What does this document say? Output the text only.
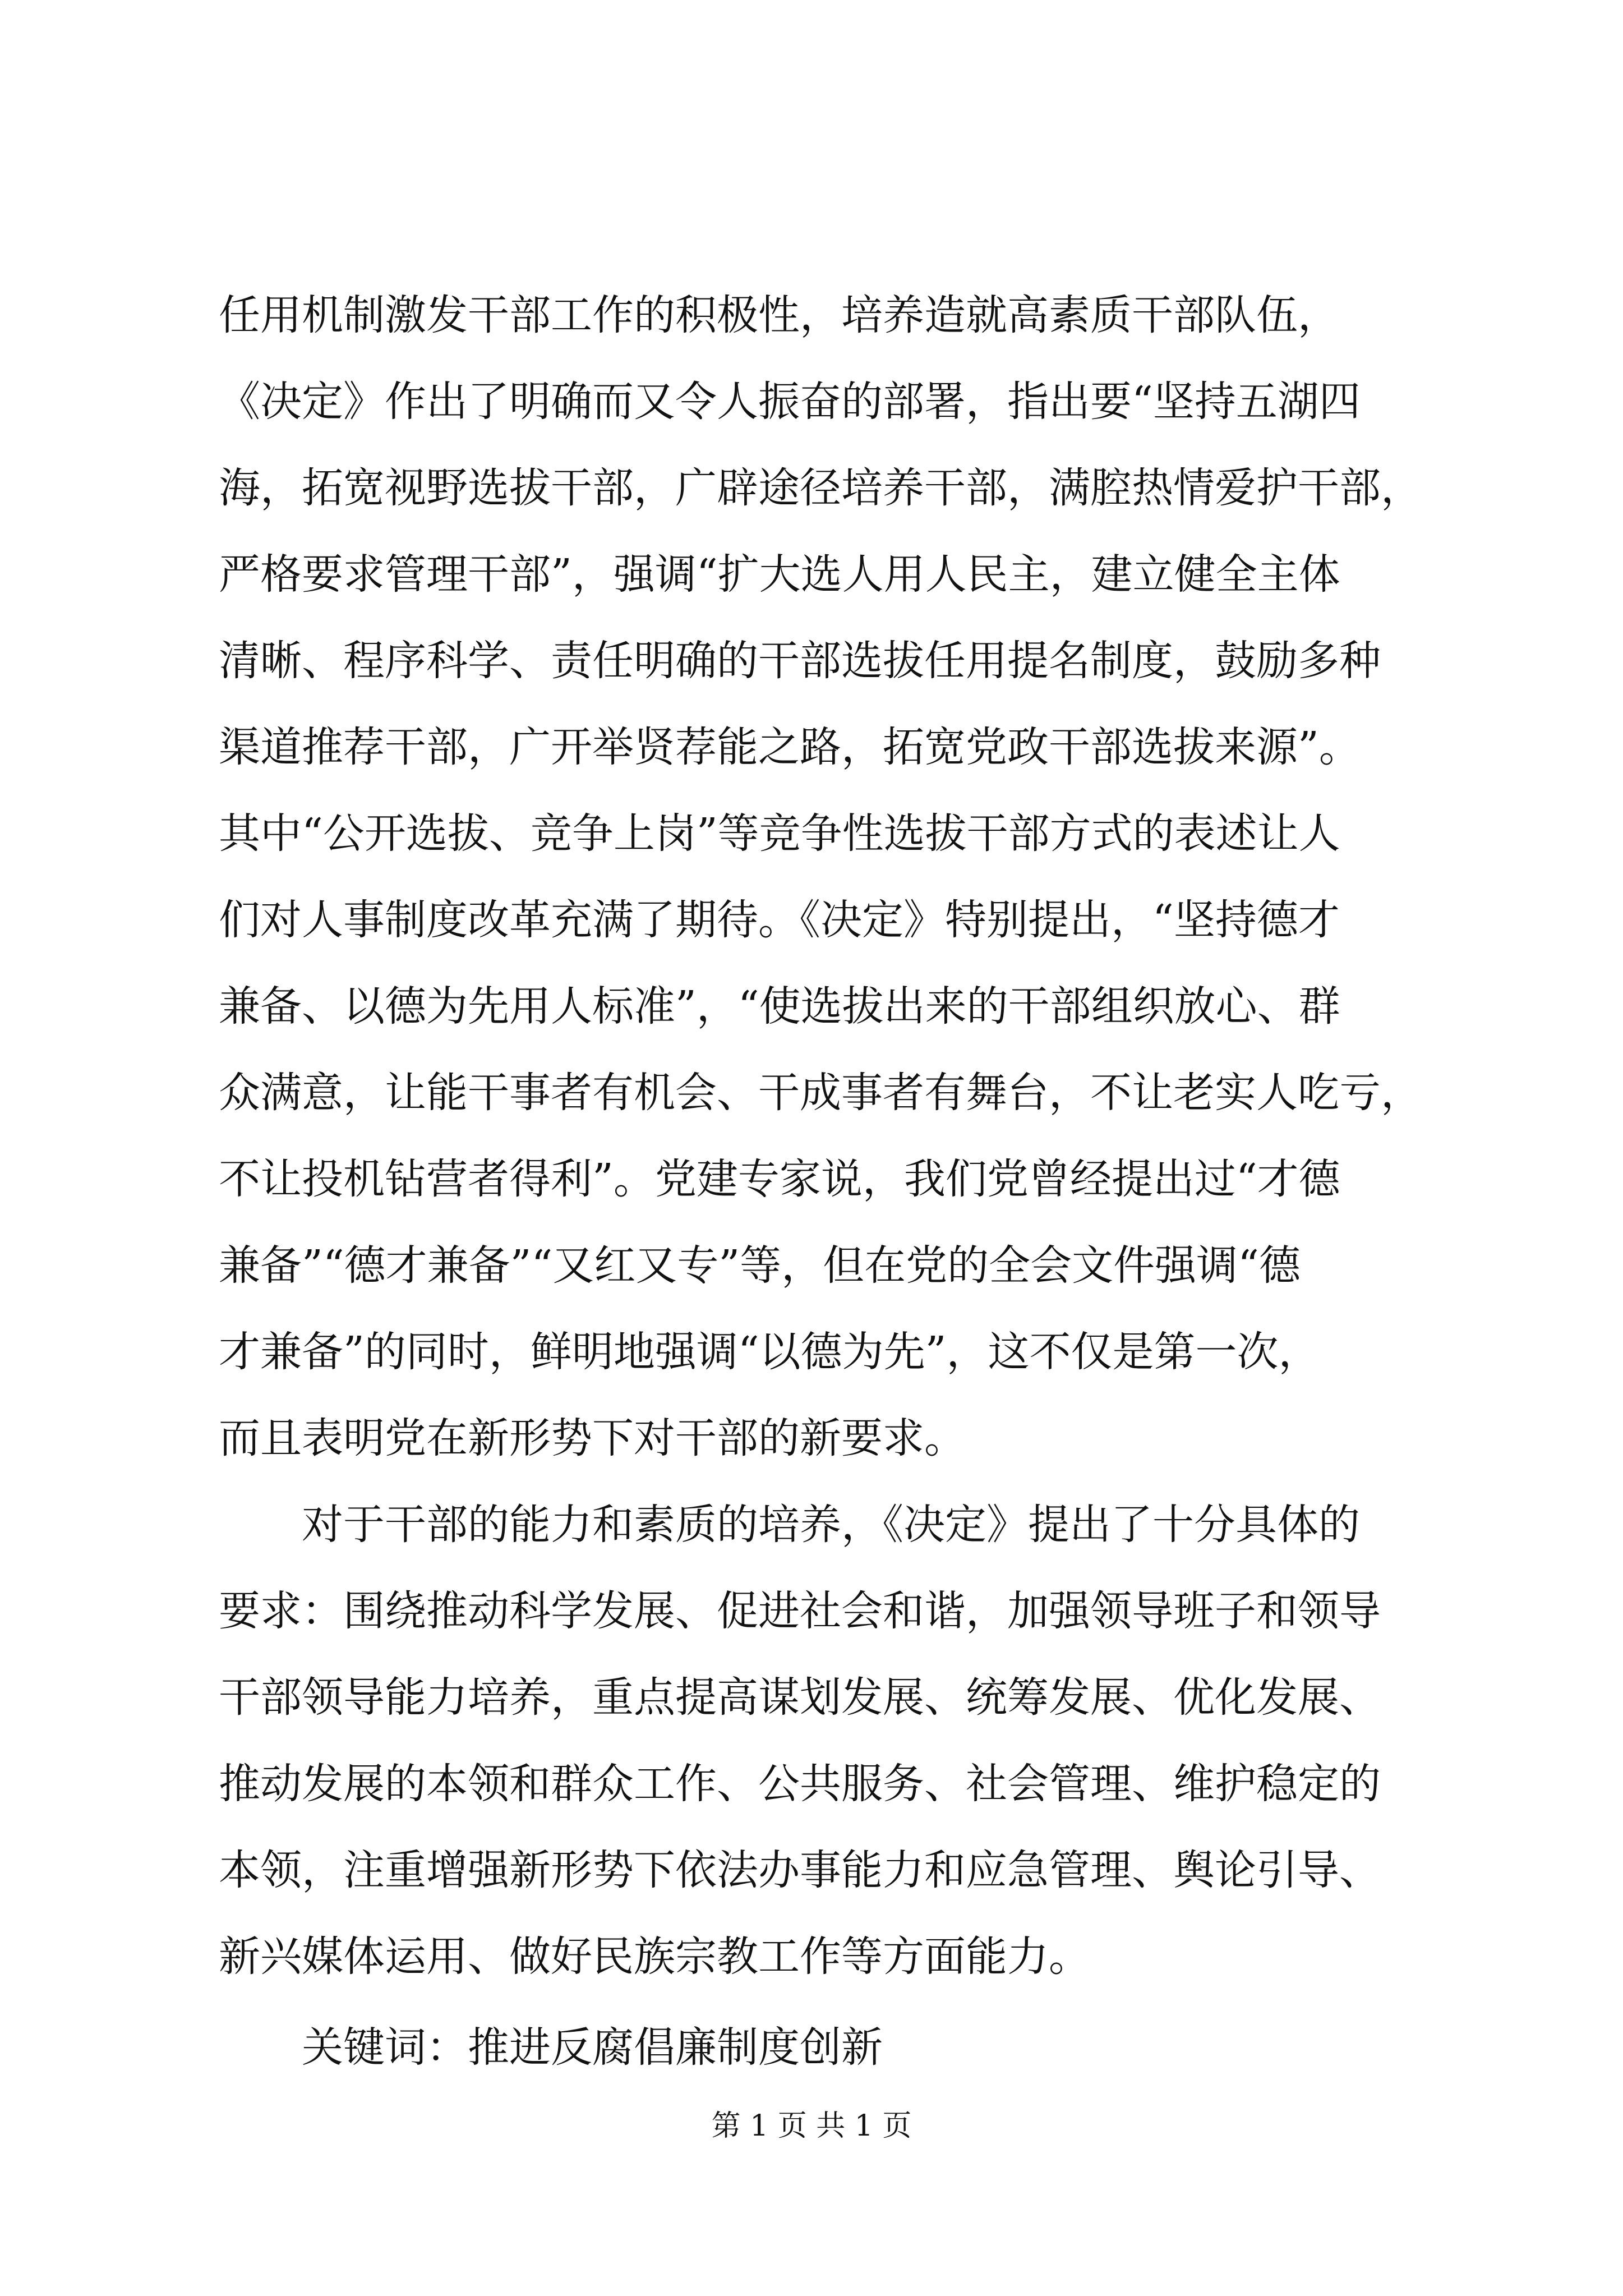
任用机制激发干部工作的积极性，培养造就高素质干部队伍，
《决定》作出了明确而又令人振奋的部署，指出要“坚持五湖四
海，拓宽视野选拔干部，广辟途径培养干部，满腔热情爱护干部，
严格要求管理干部”，强调“扩大选人用人民主，建立健全主体
清晰、程序科学、责任明确的干部选拔任用提名制度，鼓励多种
渠道推荐干部，广开举贤荐能之路，拓宽党政干部选拔来源”。
其中“公开选拔、竞争上岗”等竞争性选拔干部方式的表述让人
们对人事制度改革充满了期待。《决定》特别提出，“坚持德才
兼备、以德为先用人标准”，“使选拔出来的干部组织放心、群
众满意，让能干事者有机会、干成事者有舞台，不让老实人吃亏，
不让投机钻营者得利”。党建专家说，我们党曾经提出过“才德
兼备”“德才兼备”“又红又专”等，但在党的全会文件强调“德
才兼备”的同时，鲜明地强调“以德为先”，这不仅是第一次，
而且表明党在新形势下对干部的新要求。
对于干部的能力和素质的培养，《决定》提出了十分具体的
要求：围绕推动科学发展、促进社会和谐，加强领导班子和领导
干部领导能力培养，重点提高谋划发展、统筹发展、优化发展、
推动发展的本领和群众工作、公共服务、社会管理、维护稳定的
本领，注重增强新形势下依法办事能力和应急管理、舆论引导、
新兴媒体运用、做好民族宗教工作等方面能力。
关键词：推进反腐倡廉制度创新
第 1 页 共 1 页
